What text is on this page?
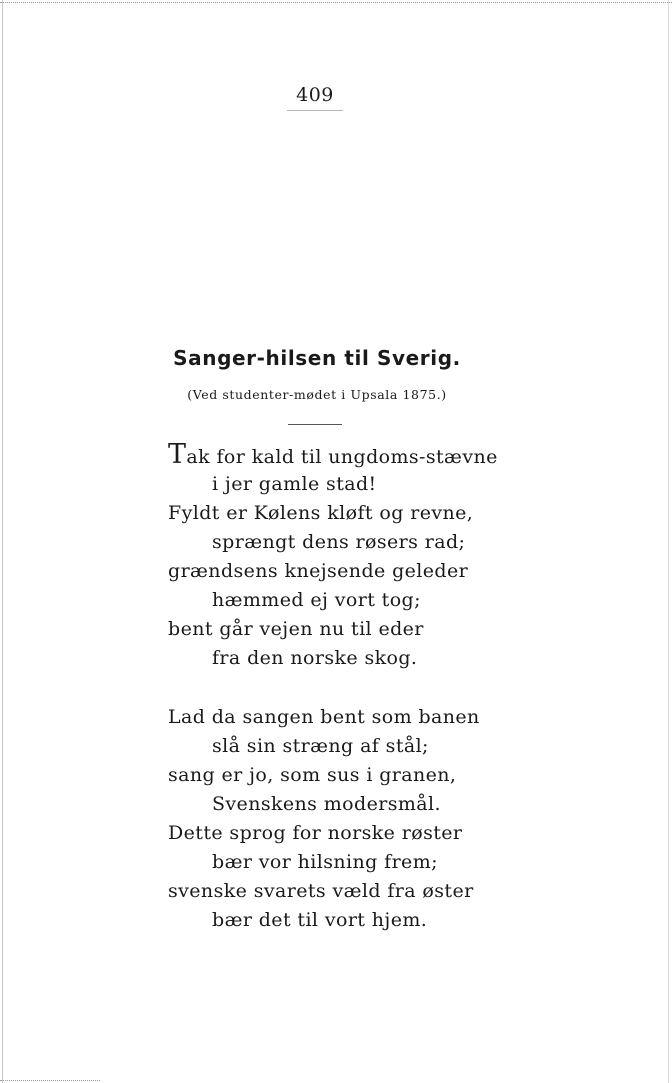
409
Sanger-hilsen til Sverig.
(Ved studenter-mødet i Upsala 1875.)
Tak for kald til ungdoms-stævne
i jer gamle stad!
Fyldt er Kølens kløft og revne,
sprængt dens røsers rad;
grændsens knejsende geleder
hæmmed ej vort tog;
bent går vejen nu til eder
fra den norske skog.
Lad da sangen bent som banen
slå sin stræng af stål;
sang er jo, som sus i granen,
Svenskens modersmål.
Dette sprog for norske røster
bær vor hilsning frem;
svenske svarets væld fra øster
bær det til vort hjem.
